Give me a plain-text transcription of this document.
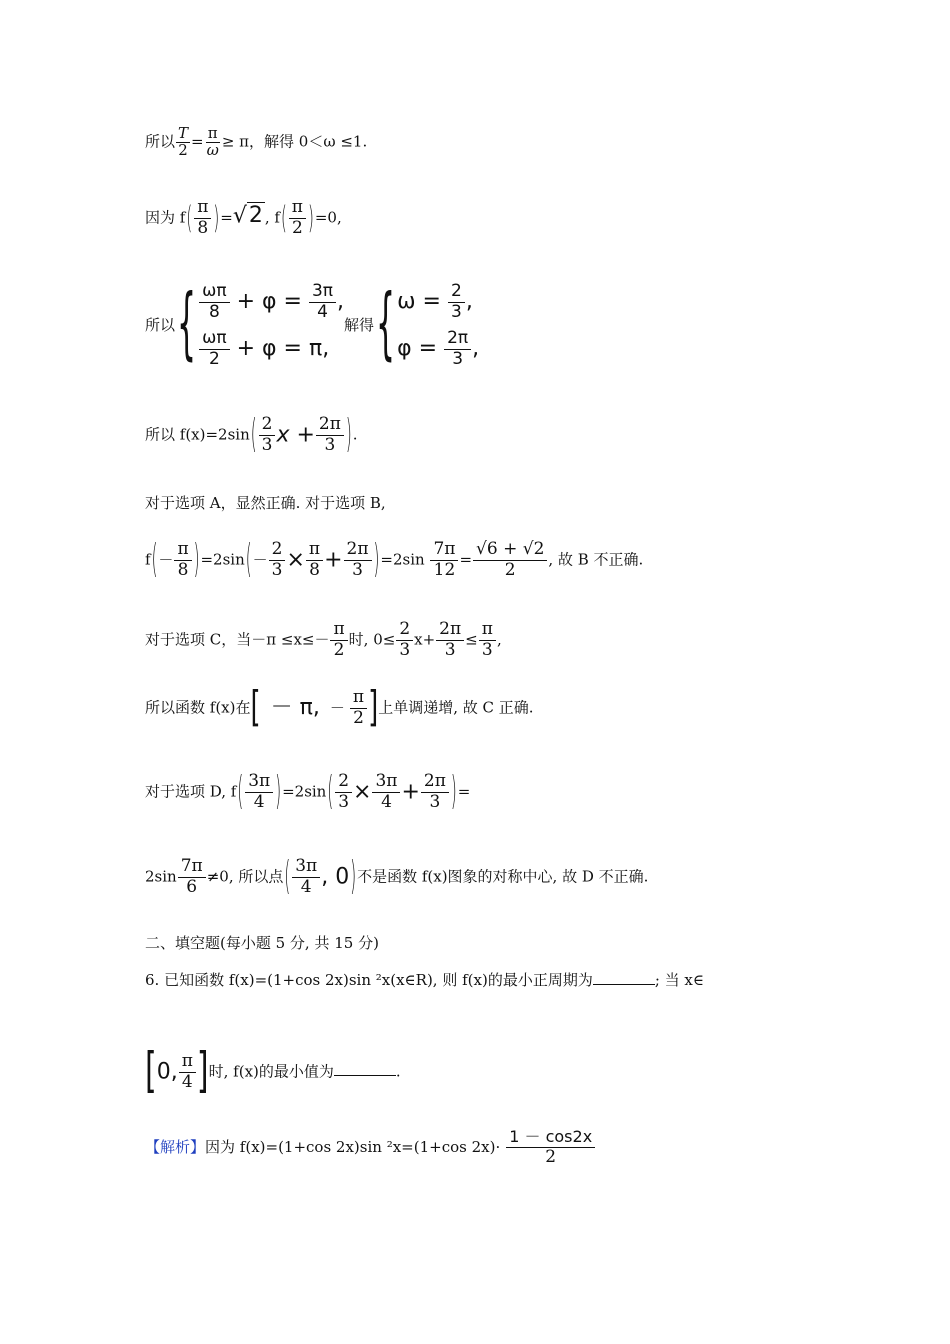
所以 $\frac{T}{2} = \frac{\pi}{\omega} \ge \pi$，解得 0＜ω ≤1.
因为 $f( \frac{\pi}{8} )=√2$ , $f( \frac{\pi}{2} )=0$,
所以{ $\frac{\omega\pi}{8} + \varphi = \frac{3\pi}{4}$ ,
$\frac{\omega\pi}{2} + \varphi = \pi$,
解得{ $\omega = \frac{2}{3}$ ,
$\varphi = \frac{2\pi}{3}$ ,
所以 $f(x)=2\sin( \frac{2}{3}$ $x + \frac{2\pi}{3}$ ).
对于选项 A，显然正确. 对于选项 B,
$f(- \frac{\pi}{8} )=2\sin(- \frac{2}{3} \times \frac{\pi}{8} + \frac{2\pi}{3} )=2\sin \frac{7\pi}{12} = \frac{√6 + √2}{2}$ , 故 B 不正确.
对于选项 C，当$-\pi \le x\le- \frac{\pi}{2}$ 时, $0\le \frac{2}{3} x+ \frac{2\pi}{3} \le \frac{\pi}{3}$ ,
所以函数 f(x)在[ － π, － $\frac{\pi}{2}$ ]上单调递增, 故 C 正确.
对于选项 D, $f( \frac{3\pi}{4} )=2\sin( \frac{2}{3} \times \frac{3\pi}{4} + \frac{2\pi}{3}$ )=
$2\sin \frac{7\pi}{6} \ne 0$, 所以点( $\frac{3\pi}{4}$ , 0)不是函数 f(x)图象的对称中心, 故 D 不正确.
二、填空题(每小题 5 分, 共 15 分)
6. 已知函数 f(x)=(1+cos 2x)sin ²x(x∈R), 则 f(x)的最小正周期为	; 当 x∈
[0, $\frac{\pi}{4}$ ]时, f(x)的最小值为	.
【解析】因为 f(x)=(1+cos 2x)sin ²x=(1+cos $2x)\cdot \frac{1 - \cos 2x}{2}$
